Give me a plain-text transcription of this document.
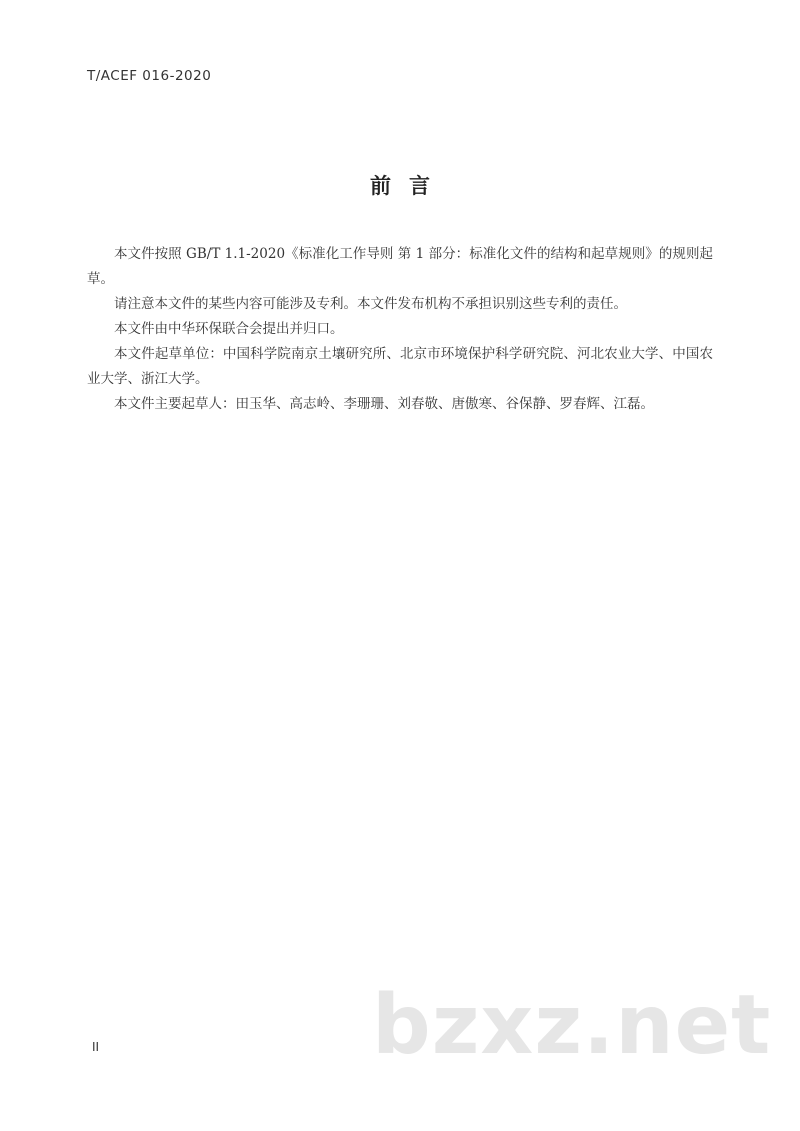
T/ACEF 016-2020
前言

本文件按照 GB/T 1.1-2020《标准化工作导则 第 1 部分：标准化文件的结构和起草规则》的规则起草。

请注意本文件的某些内容可能涉及专利。本文件发布机构不承担识别这些专利的责任。

本文件由中华环保联合会提出并归口。

本文件起草单位：中国科学院南京土壤研究所、北京市环境保护科学研究院、河北农业大学、中国农业大学、浙江大学。

本文件主要起草人：田玉华、高志岭、李珊珊、刘春敬、唐傲寒、谷保静、罗春辉、江磊。

II	bzxz.net
